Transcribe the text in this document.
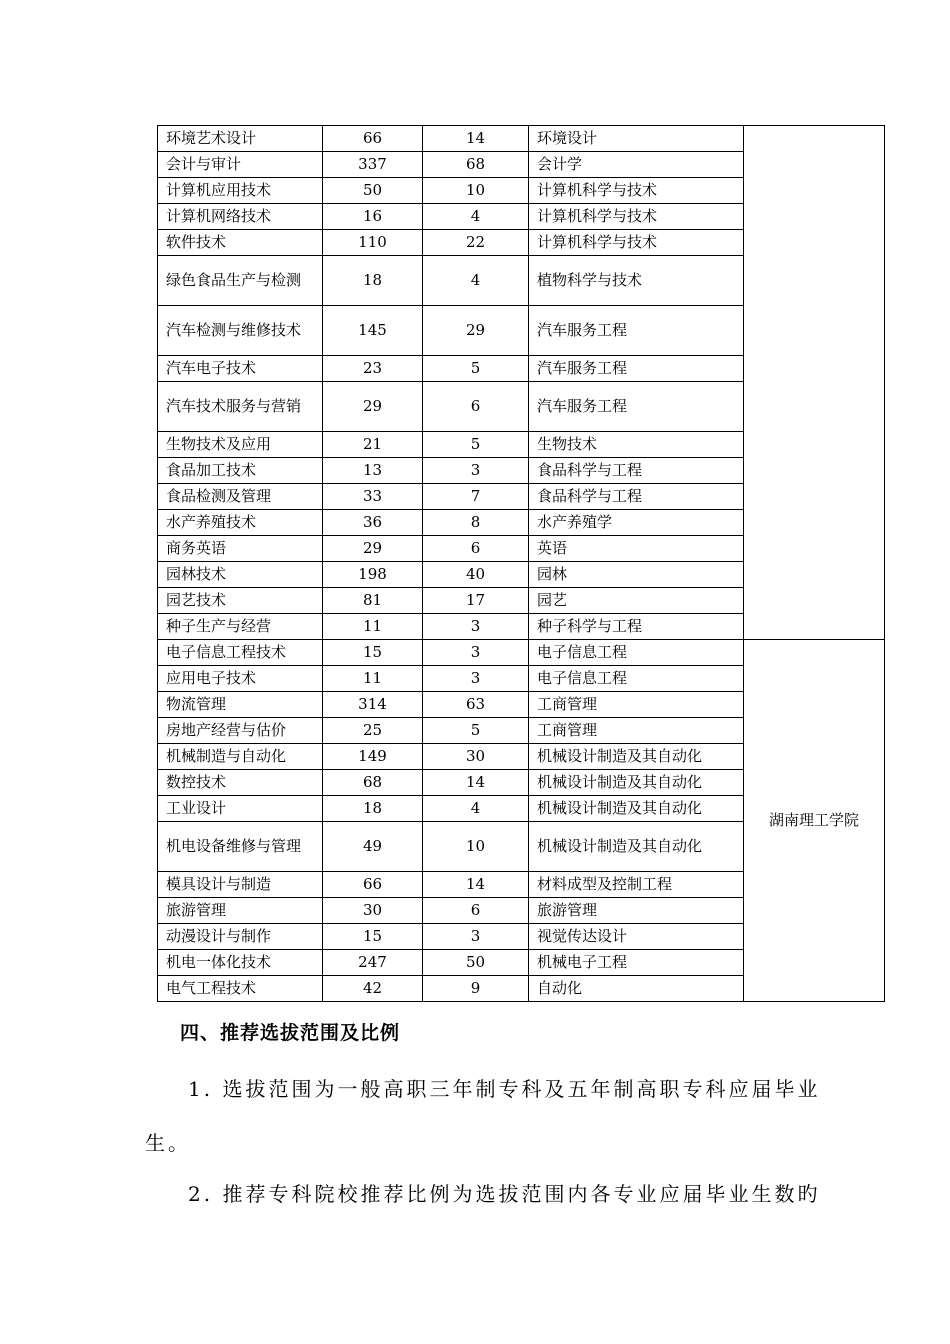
环境艺术设计	66	14	环境设计	
会计与审计	337	68	会计学	
计算机应用技术	50	10	计算机科学与技术	
计算机网络技术	16	4	计算机科学与技术	
软件技术	110	22	计算机科学与技术	
绿色食品生产与检测	18	4	植物科学与技术	
汽车检测与维修技术	145	29	汽车服务工程	
汽车电子技术	23	5	汽车服务工程	
汽车技术服务与营销	29	6	汽车服务工程	
生物技术及应用	21	5	生物技术	
食品加工技术	13	3	食品科学与工程	
食品检测及管理	33	7	食品科学与工程	
水产养殖技术	36	8	水产养殖学	
商务英语	29	6	英语	
园林技术	198	40	园林	
园艺技术	81	17	园艺	
种子生产与经营	11	3	种子科学与工程	
电子信息工程技术	15	3	电子信息工程	湖南理工学院
应用电子技术	11	3	电子信息工程	
物流管理	314	63	工商管理	
房地产经营与估价	25	5	工商管理	
机械制造与自动化	149	30	机械设计制造及其自动化	
数控技术	68	14	机械设计制造及其自动化	
工业设计	18	4	机械设计制造及其自动化	
机电设备维修与管理	49	10	机械设计制造及其自动化	
模具设计与制造	66	14	材料成型及控制工程	
旅游管理	30	6	旅游管理	
动漫设计与制作	15	3	视觉传达设计	
机电一体化技术	247	50	机械电子工程	
电气工程技术	42	9	自动化	
四、推荐选拔范围及比例
1. 选拔范围为一般高职三年制专科及五年制高职专科应届毕业
生。
2. 推荐专科院校推荐比例为选拔范围内各专业应届毕业生数旳
